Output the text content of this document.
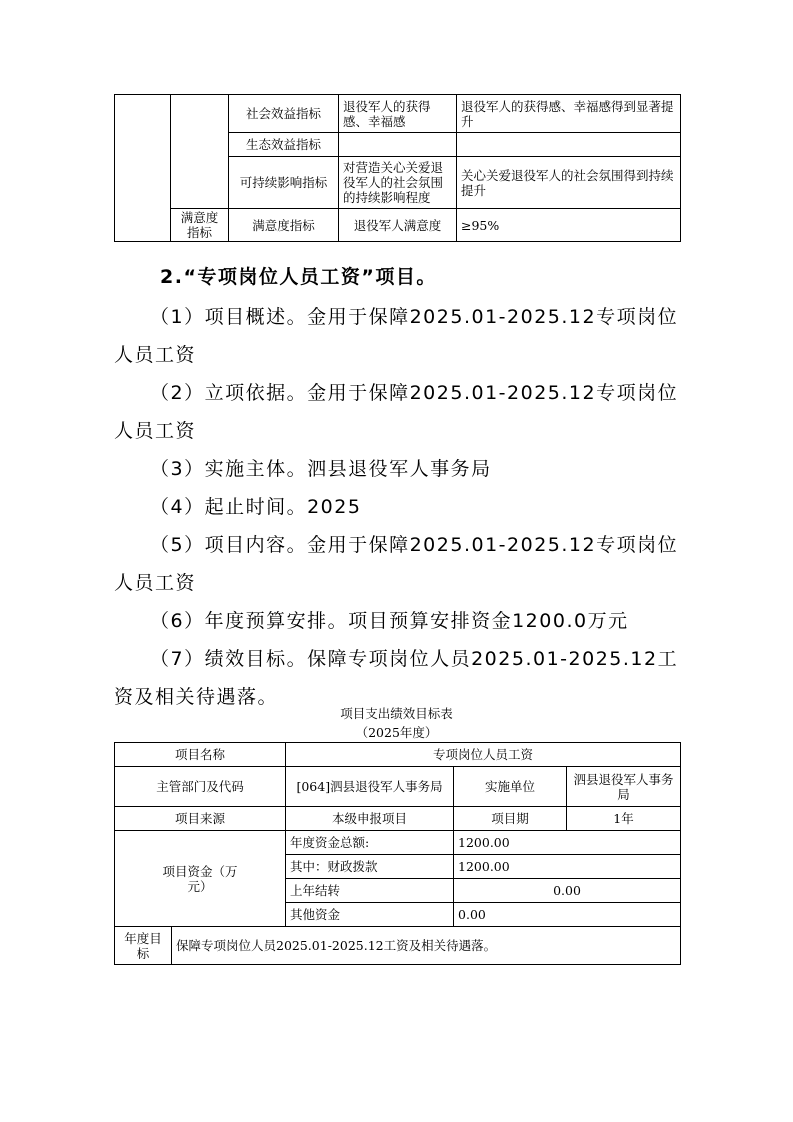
		社会效益指标	退役军人的获得感、幸福感	退役军人的获得感、幸福感得到显著提升
		生态效益指标		
		可持续影响指标	对营造关心关爱退役军人的社会氛围的持续影响程度	关心关爱退役军人的社会氛围得到持续提升
	满意度指标	满意度指标	退役军人满意度	≥95%
2.“专项岗位人员工资”项目。
（1）项目概述。金用于保障2025.01-2025.12专项岗位
人员工资
（2）立项依据。金用于保障2025.01-2025.12专项岗位
人员工资
（3）实施主体。泗县退役军人事务局
（4）起止时间。2025
（5）项目内容。金用于保障2025.01-2025.12专项岗位
人员工资
（6）年度预算安排。项目预算安排资金1200.0万元
（7）绩效目标。保障专项岗位人员2025.01-2025.12工
资及相关待遇落。
项目支出绩效目标表
（2025年度）
项目名称		专项岗位人员工资		
主管部门及代码		[064]泗县退役军人事务局	实施单位	泗县退役军人事务局
项目来源		本级申报项目	项目期	1年
项目资金（万元）		年度资金总额:	1200.00	
		其中：财政拨款	1200.00	
		上年结转	0.00	
		其他资金	0.00	
年度目标	保障专项岗位人员2025.01-2025.12工资及相关待遇落。			
